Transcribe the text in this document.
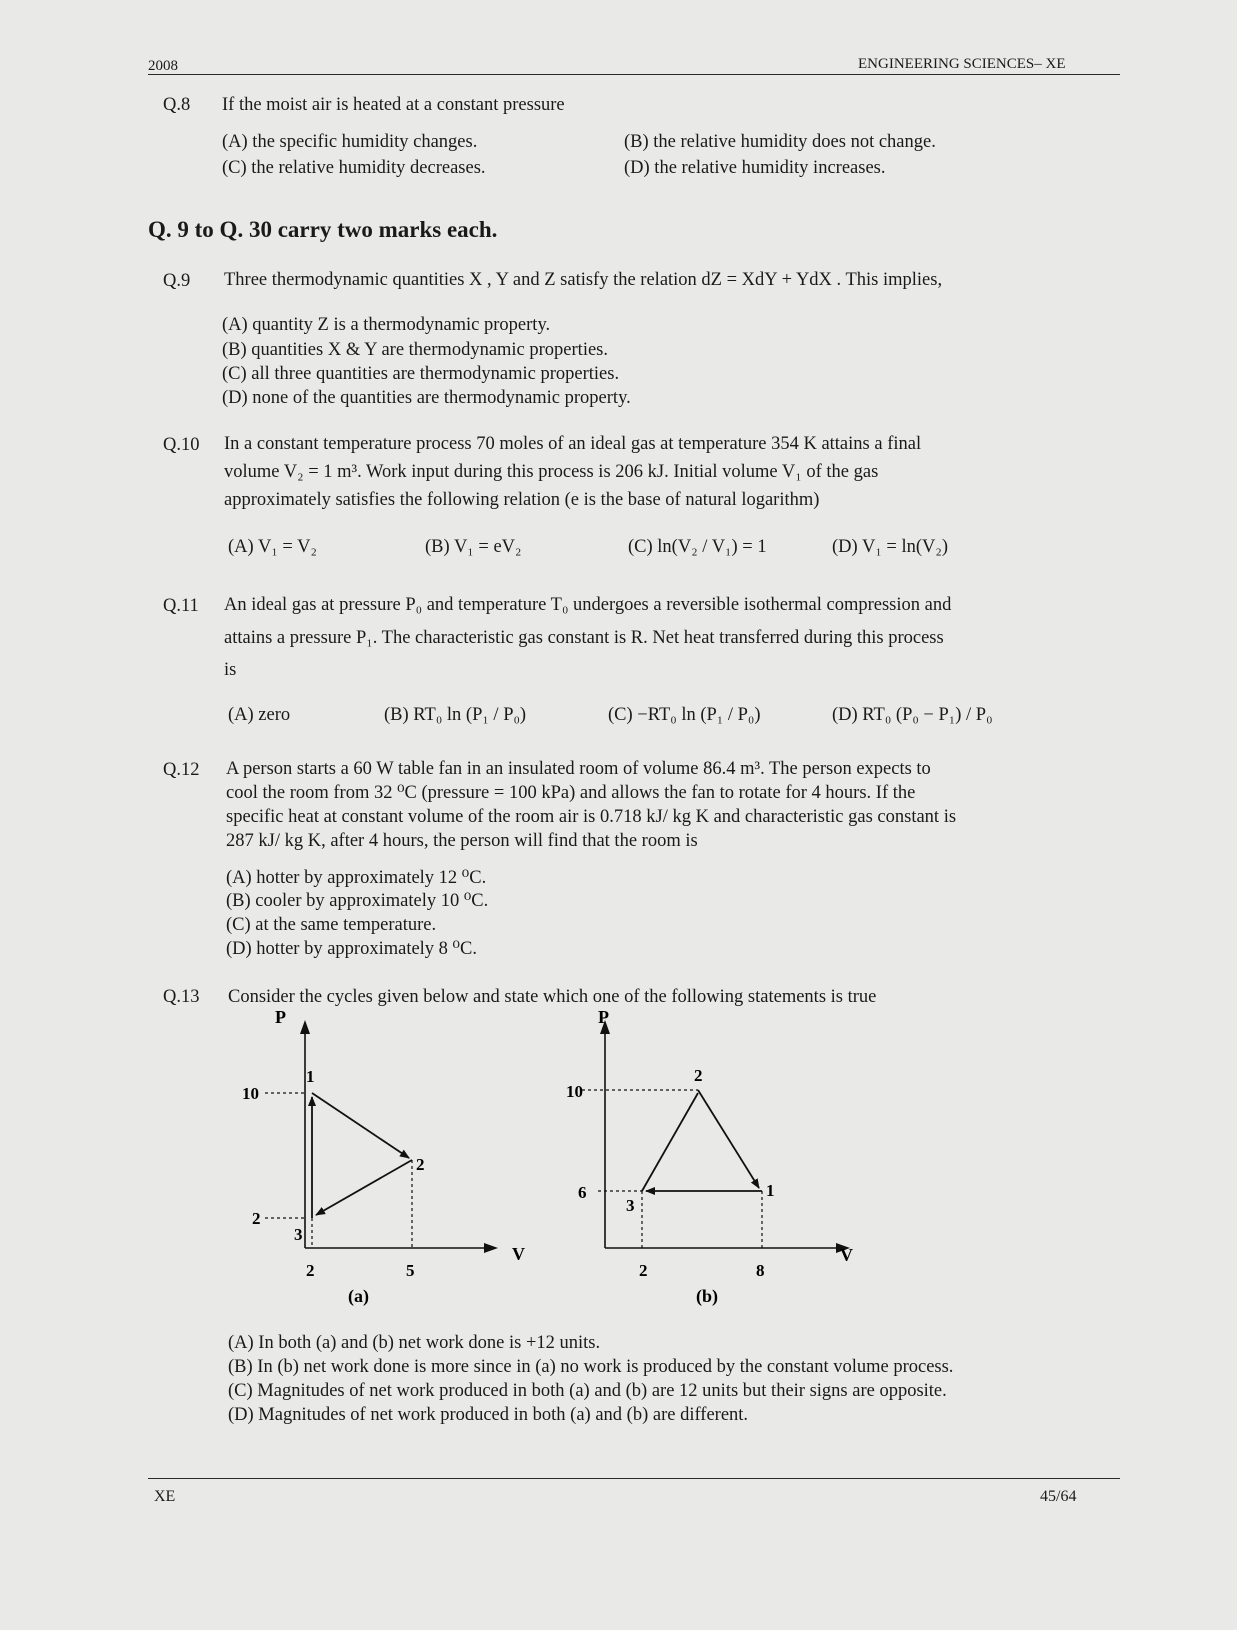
2008	ENGINEERING SCIENCES– XE
Q.8 If the moist air is heated at a constant pressure
(A) the specific humidity changes.	(B) the relative humidity does not change.
(C) the relative humidity decreases.	(D) the relative humidity increases.
Q. 9 to Q. 30 carry two marks each.
Q.9 Three thermodynamic quantities X , Y and Z satisfy the relation dZ = XdY + YdX . This implies,
(A) quantity Z is a thermodynamic property.
(B) quantities X & Y are thermodynamic properties.
(C) all three quantities are thermodynamic properties.
(D) none of the quantities are thermodynamic property.
Q.10 In a constant temperature process 70 moles of an ideal gas at temperature 354 K attains a final
volume V₂ = 1 m³. Work input during this process is 206 kJ. Initial volume V₁ of the gas
approximately satisfies the following relation (e is the base of natural logarithm)
(A) V₁ = V₂	(B) V₁ = eV₂	(C) ln(V₂ / V₁) = 1	(D) V₁ = ln(V₂)
Q.11 An ideal gas at pressure P₀ and temperature T₀ undergoes a reversible isothermal compression and
attains a pressure P₁. The characteristic gas constant is R. Net heat transferred during this process
is
(A) zero	(B) RT₀ ln (P₁ / P₀)	(C) −RT₀ ln (P₁ / P₀)	(D) RT₀ (P₀ − P₁) / P₀
Q.12 A person starts a 60 W table fan in an insulated room of volume 86.4 m³. The person expects to
cool the room from 32 ⁰C (pressure = 100 kPa) and allows the fan to rotate for 4 hours. If the
specific heat at constant volume of the room air is 0.718 kJ/ kg K and characteristic gas constant is
287 kJ/ kg K, after 4 hours, the person will find that the room is
(A) hotter by approximately 12 ⁰C.
(B) cooler by approximately 10 ⁰C.
(C) at the same temperature.
(D) hotter by approximately 8 ⁰C.
Q.13 Consider the cycles given below and state which one of the following statements is true
P
V
10
2
2	5
1
2
3
(a)
P
V
10
6
2	8
2
1
3
(b)
(A) In both (a) and (b) net work done is +12 units.
(B) In (b) net work done is more since in (a) no work is produced by the constant volume process.
(C) Magnitudes of net work produced in both (a) and (b) are 12 units but their signs are opposite.
(D) Magnitudes of net work produced in both (a) and (b) are different.
XE	45/64
